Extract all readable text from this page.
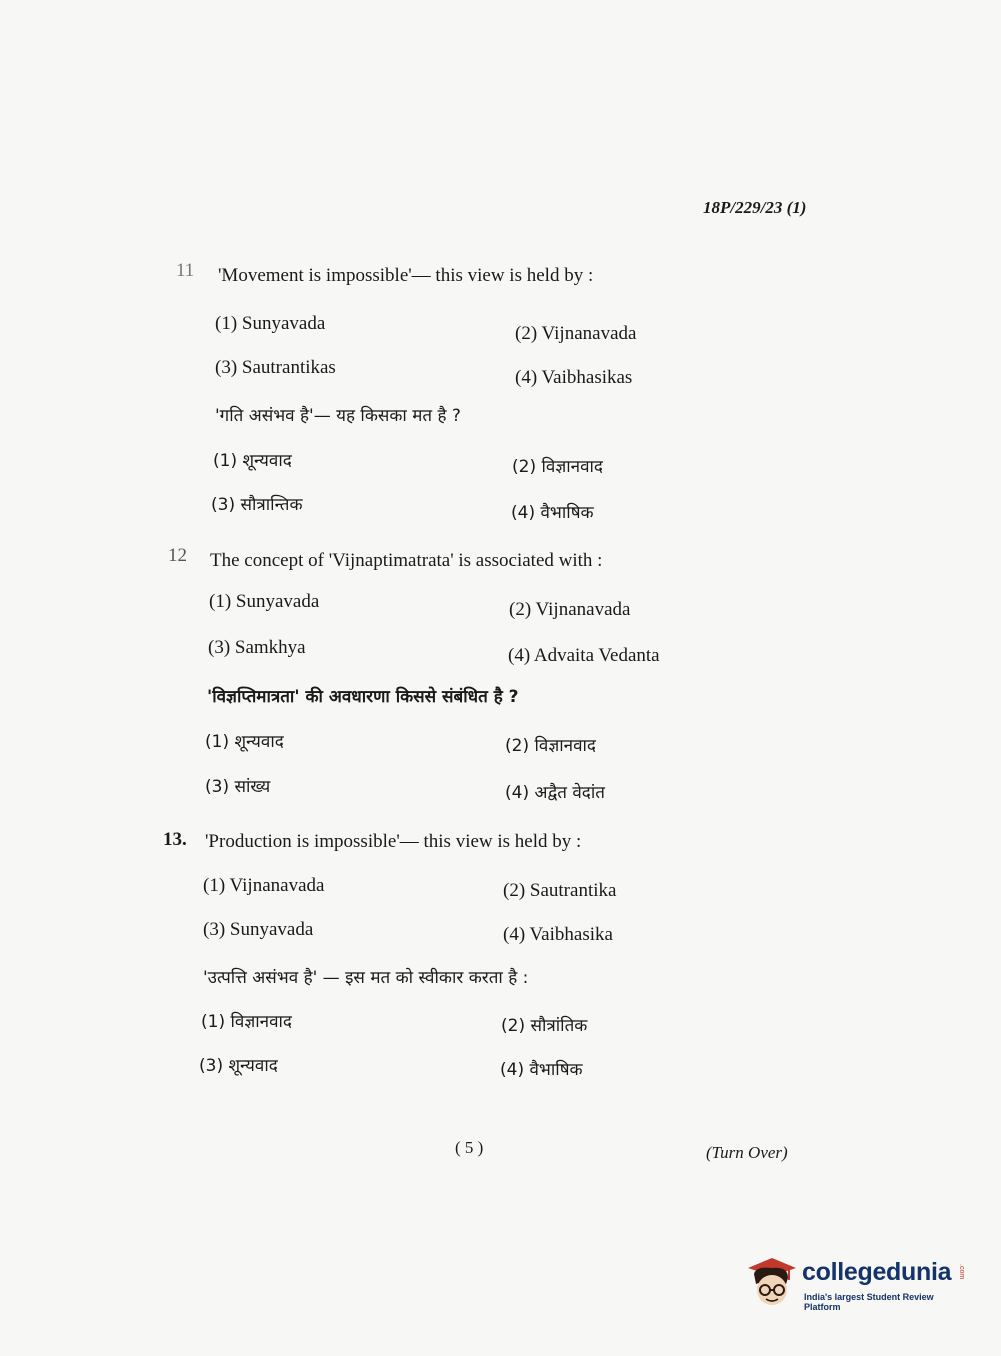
18P/229/23 (1)
11 'Movement is impossible'— this view is held by :
(1) Sunyavada	(2) Vijnanavada
(3) Sautrantikas	(4) Vaibhasikas
'गति असंभव है'— यह किसका मत है ?
(1) शून्यवाद	(2) विज्ञानवाद
(3) सौत्रान्तिक	(4) वैभाषिक
12 The concept of 'Vijnaptimatrata' is associated with :
(1) Sunyavada	(2) Vijnanavada
(3) Samkhya	(4) Advaita Vedanta
'विज्ञप्तिमात्रता' की अवधारणा किससे संबंधित है ?
(1) शून्यवाद	(2) विज्ञानवाद
(3) सांख्य	(4) अद्वैत वेदांत
13. 'Production is impossible'— this view is held by :
(1) Vijnanavada	(2) Sautrantika
(3) Sunyavada	(4) Vaibhasika
'उत्पत्ति असंभव है' — इस मत को स्वीकार करता है :
(1) विज्ञानवाद	(2) सौत्रांतिक
(3) शून्यवाद	(4) वैभाषिक
( 5 )	(Turn Over)
collegedunia .com
India's largest Student Review Platform
